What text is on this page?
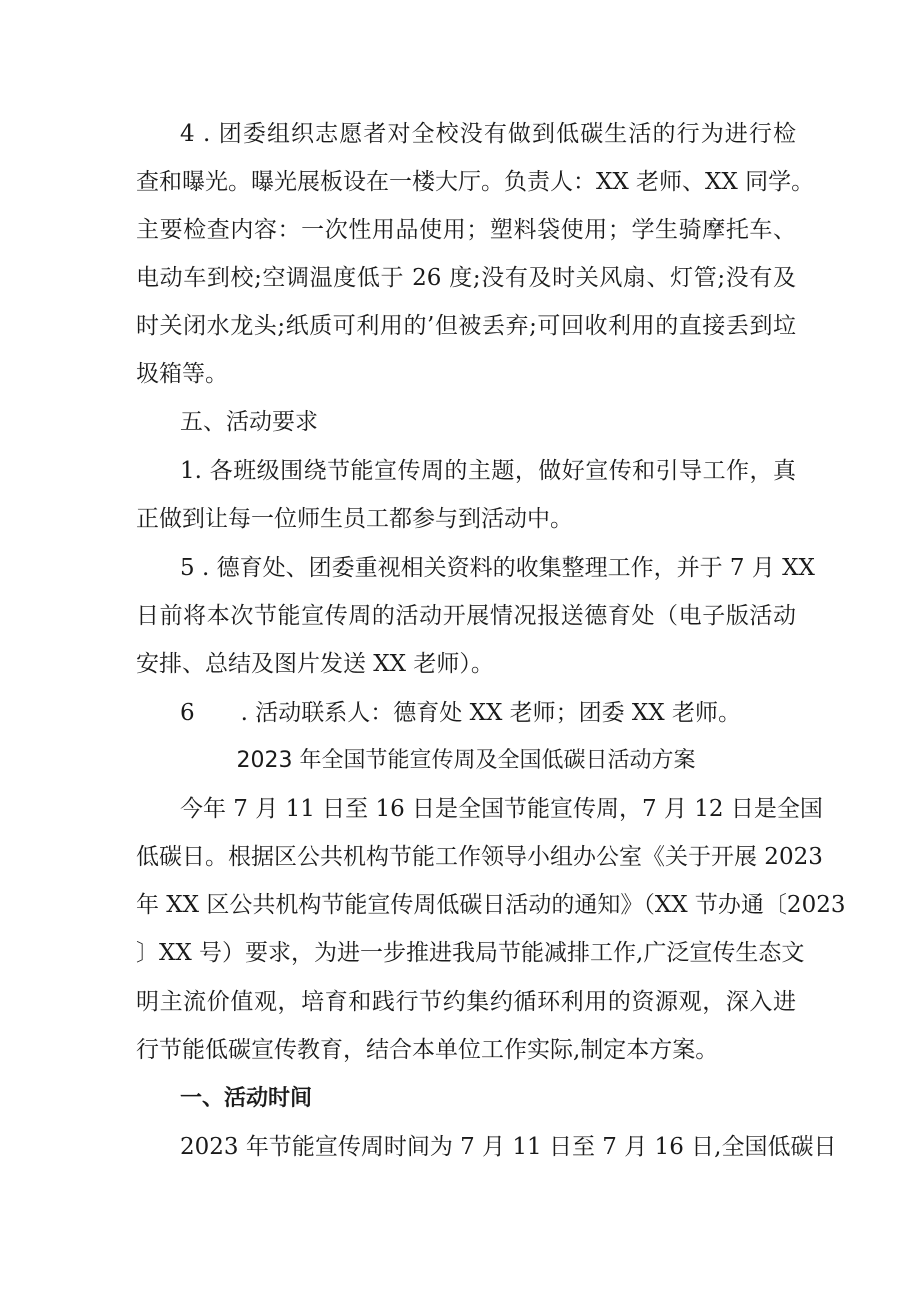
4 . 团委组织志愿者对全校没有做到低碳生活的行为进行检
查和曝光。曝光展板设在一楼大厅。负责人：XX 老师、XX 同学。
主要检查内容：一次性用品使用；塑料袋使用；学生骑摩托车、
电动车到校;空调温度低于 26 度;没有及时关风扇、灯管;没有及
时关闭水龙头;纸质可利用的’但被丢弃;可回收利用的直接丢到垃
圾箱等。
五、活动要求
1. 各班级围绕节能宣传周的主题，做好宣传和引导工作，真
正做到让每一位师生员工都参与到活动中。
5 . 德育处、团委重视相关资料的收集整理工作，并于 7 月 XX
日前将本次节能宣传周的活动开展情况报送德育处（电子版活动
安排、总结及图片发送 XX 老师）。
6　　. 活动联系人：德育处 XX 老师；团委 XX 老师。
2023 年全国节能宣传周及全国低碳日活动方案
今年 7 月 11 日至 16 日是全国节能宣传周，7 月 12 日是全国
低碳日。根据区公共机构节能工作领导小组办公室《关于开展 2023
年 XX 区公共机构节能宣传周低碳日活动的通知》（XX 节办通〔2023
〕XX 号）要求，为进一步推进我局节能减排工作,广泛宣传生态文
明主流价值观，培育和践行节约集约循环利用的资源观，深入进
行节能低碳宣传教育，结合本单位工作实际,制定本方案。
一、活动时间
2023 年节能宣传周时间为 7 月 11 日至 7 月 16 日,全国低碳日
